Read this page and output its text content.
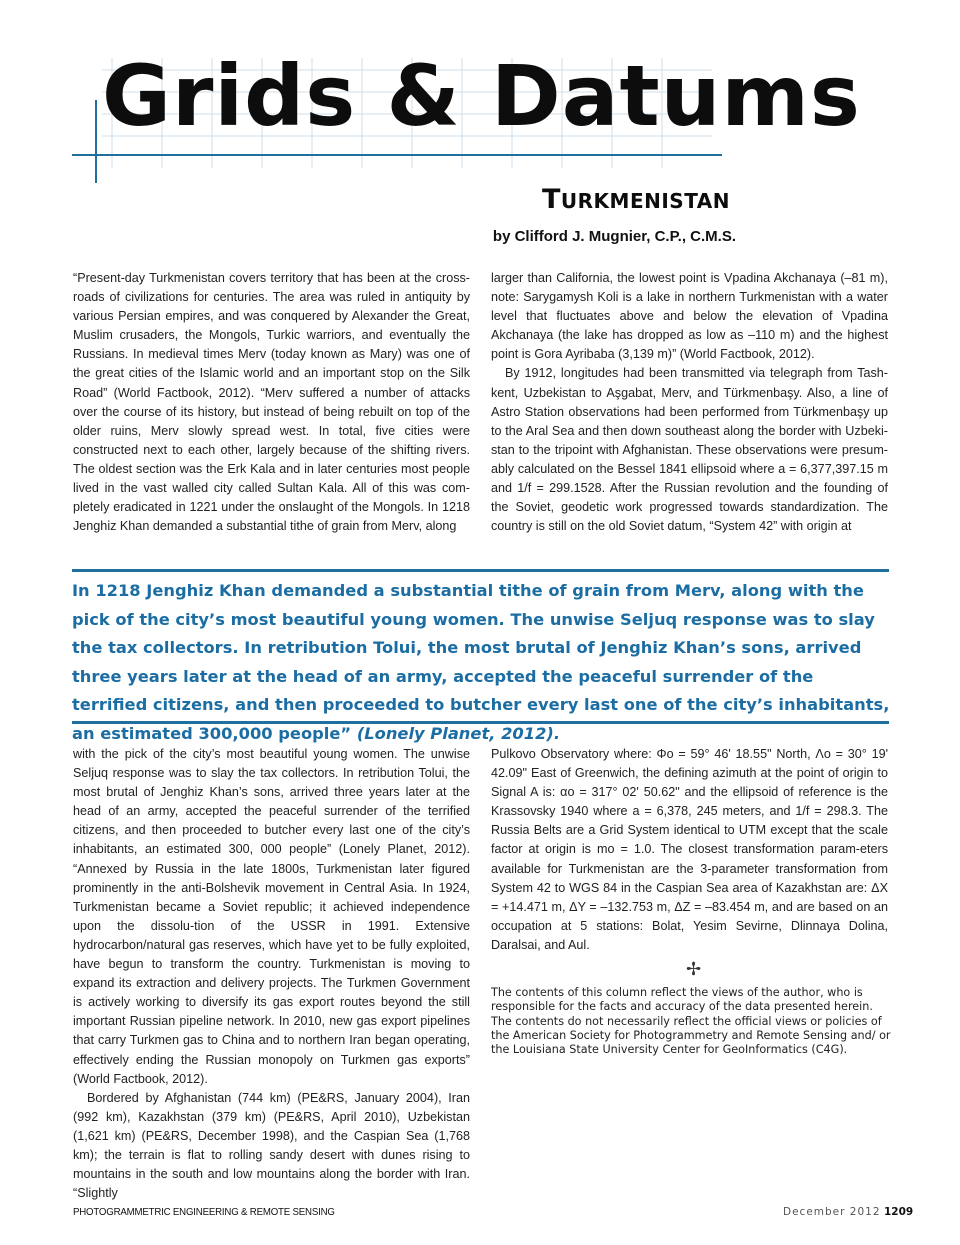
Grids & Datums
TURKMENISTAN
by Clifford J. Mugnier, C.P., C.M.S.

“Present-day Turkmenistan covers territory that has been at the cross-roads of civilizations for centuries. The area was ruled in antiquity by various Persian empires, and was conquered by Alexander the Great, Muslim crusaders, the Mongols, Turkic warriors, and eventually the Russians. In medieval times Merv (today known as Mary) was one of the great cities of the Islamic world and an important stop on the Silk Road” (World Factbook, 2012). “Merv suffered a number of attacks over the course of its history, but instead of being rebuilt on top of the older ruins, Merv slowly spread west. In total, five cities were constructed next to each other, largely because of the shifting rivers. The oldest section was the Erk Kala and in later centuries most people lived in the vast walled city called Sultan Kala. All of this was com-pletely eradicated in 1221 under the onslaught of the Mongols. In 1218 Jenghiz Khan demanded a substantial tithe of grain from Merv, along

larger than California, the lowest point is Vpadina Akchanaya (–81 m), note: Sarygamysh Koli is a lake in northern Turkmenistan with a water level that fluctuates above and below the elevation of Vpadina Akchanaya (the lake has dropped as low as –110 m) and the highest point is Gora Ayribaba (3,139 m)” (World Factbook, 2012).

By 1912, longitudes had been transmitted via telegraph from Tash-kent, Uzbekistan to Aşgabat, Merv, and Türkmenbaşy. Also, a line of Astro Station observations had been performed from Türkmenbaşy up to the Aral Sea and then down southeast along the border with Uzbeki-stan to the tripoint with Afghanistan. These observations were presum-ably calculated on the Bessel 1841 ellipsoid where a = 6,377,397.15 m and 1/f = 299.1528. After the Russian revolution and the founding of the Soviet, geodetic work progressed towards standardization. The country is still on the old Soviet datum, “System 42” with origin at

In 1218 Jenghiz Khan demanded a substantial tithe of grain from Merv, along with the pick of the city’s most beautiful young women. The unwise Seljuq response was to slay the tax collectors. In retribution Tolui, the most brutal of Jenghiz Khan’s sons, arrived three years later at the head of an army, accepted the peaceful surrender of the terrified citizens, and then proceeded to butcher every last one of the city’s inhabitants, an estimated 300,000 people” (Lonely Planet, 2012).

with the pick of the city’s most beautiful young women. The unwise Seljuq response was to slay the tax collectors. In retribution Tolui, the most brutal of Jenghiz Khan’s sons, arrived three years later at the head of an army, accepted the peaceful surrender of the terrified citizens, and then proceeded to butcher every last one of the city’s inhabitants, an estimated 300, 000 people” (Lonely Planet, 2012). “Annexed by Russia in the late 1800s, Turkmenistan later figured prominently in the anti-Bolshevik movement in Central Asia. In 1924, Turkmenistan became a Soviet republic; it achieved independence upon the dissolu-tion of the USSR in 1991. Extensive hydrocarbon/natural gas reserves, which have yet to be fully exploited, have begun to transform the country. Turkmenistan is moving to expand its extraction and delivery projects. The Turkmen Government is actively working to diversify its gas export routes beyond the still important Russian pipeline network. In 2010, new gas export pipelines that carry Turkmen gas to China and to northern Iran began operating, effectively ending the Russian monopoly on Turkmen gas exports” (World Factbook, 2012).

Bordered by Afghanistan (744 km) (PE&RS, January 2004), Iran (992 km), Kazakhstan (379 km) (PE&RS, April 2010), Uzbekistan (1,621 km) (PE&RS, December 1998), and the Caspian Sea (1,768 km); the terrain is flat to rolling sandy desert with dunes rising to mountains in the south and low mountains along the border with Iran. “Slightly

Pulkovo Observatory where: Φo = 59° 46' 18.55" North, Λo = 30° 19' 42.09" East of Greenwich, the defining azimuth at the point of origin to Signal A is: αo = 317° 02' 50.62" and the ellipsoid of reference is the Krassovsky 1940 where a = 6,378, 245 meters, and 1/f = 298.3. The Russia Belts are a Grid System identical to UTM except that the scale factor at origin is mo = 1.0. The closest transformation param-eters available for Turkmenistan are the 3-parameter transformation from System 42 to WGS 84 in the Caspian Sea area of Kazakhstan are: ΔX = +14.471 m, ΔY = –132.753 m, ΔZ = –83.454 m, and are based on an occupation at 5 stations: Bolat, Yesim Sevirne, Dlinnaya Dolina, Daralsai, and Aul.

✢
The contents of this column reflect the views of the author, who is responsible for the facts and accuracy of the data presented herein. The contents do not necessarily reflect the official views or policies of the American Society for Photogrammetry and Remote Sensing and/ or the Louisiana State University Center for GeoInformatics (C4G).
PHOTOGRAMMETRIC ENGINEERING & REMOTE SENSING	December 2012 1209
